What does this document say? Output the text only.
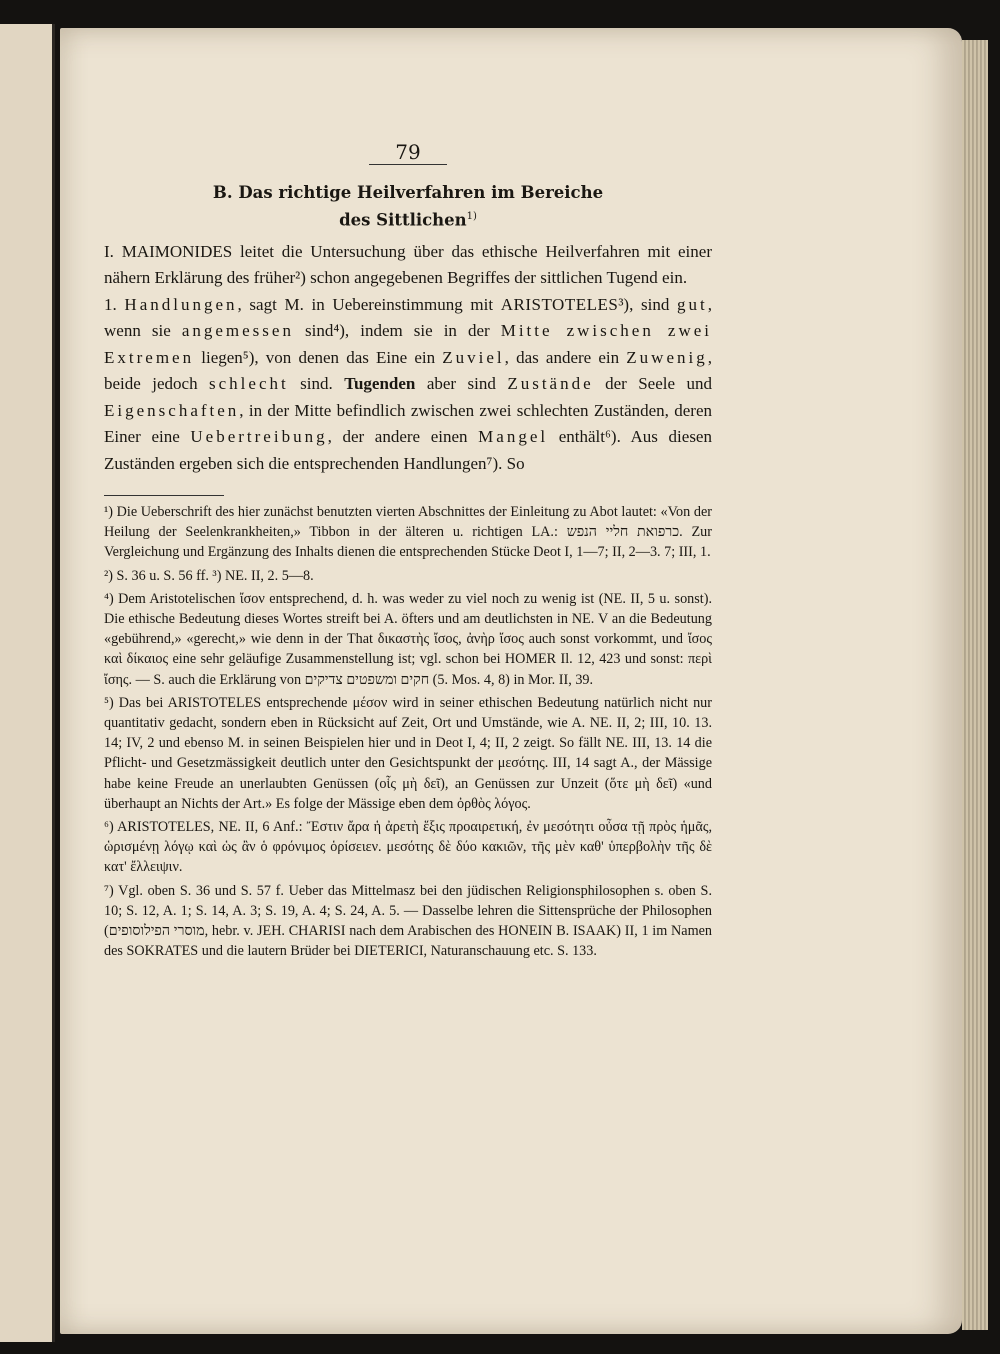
79
B. Das richtige Heilverfahren im Bereiche
des Sittlichen$^{1)}$

I. MAIMONIDES leitet die Untersuchung über das ethische Heilverfahren mit einer nähern Erklärung des früher²) schon angegebenen Begriffes der sittlichen Tugend ein.

1. Handlungen, sagt M. in Uebereinstimmung mit ARISTOTELES³), sind gut, wenn sie angemessen sind⁴), indem sie in der Mitte zwischen zwei Extremen liegen⁵), von denen das Eine ein Zuviel, das andere ein Zuwenig, beide jedoch schlecht sind. Tugenden aber sind Zustände der Seele und Eigenschaften, in der Mitte befindlich zwischen zwei schlechten Zuständen, deren Einer eine Uebertreibung, der andere einen Mangel enthält⁶). Aus diesen Zuständen ergeben sich die entsprechenden Handlungen⁷). So

¹) Die Ueberschrift des hier zunächst benutzten vierten Abschnittes der Einleitung zu Abot lautet: «Von der Heilung der Seelenkrankheiten,» Tibbon in der älteren u. richtigen LA.: כרפואת חליי הנפש. Zur Vergleichung und Ergänzung des Inhalts dienen die entsprechenden Stücke Deot I, 1—7; II, 2—3. 7; III, 1.

²) S. 36 u. S. 56 ff. ³) NE. II, 2. 5—8.

⁴) Dem Aristotelischen ἴσον entsprechend, d. h. was weder zu viel noch zu wenig ist (NE. II, 5 u. sonst). Die ethische Bedeutung dieses Wortes streift bei A. öfters und am deutlichsten in NE. V an die Bedeutung «gebührend,» «gerecht,» wie denn in der That δικαστὴς ἴσος, ἀνὴρ ἴσος auch sonst vorkommt, und ἴσος καὶ δίκαιος eine sehr geläufige Zusammenstellung ist; vgl. schon bei HOMER Il. 12, 423 und sonst: περὶ ἴσης. — S. auch die Erklärung von חקים ומשפטים צדיקים (5. Mos. 4, 8) in Mor. II, 39.

⁵) Das bei ARISTOTELES entsprechende μέσον wird in seiner ethischen Bedeutung natürlich nicht nur quantitativ gedacht, sondern eben in Rücksicht auf Zeit, Ort und Umstände, wie A. NE. II, 2; III, 10. 13. 14; IV, 2 und ebenso M. in seinen Beispielen hier und in Deot I, 4; II, 2 zeigt. So fällt NE. III, 13. 14 die Pflicht- und Gesetzmässigkeit deutlich unter den Gesichtspunkt der μεσότης. III, 14 sagt A., der Mässige habe keine Freude an unerlaubten Genüssen (οἷς μὴ δεῖ), an Genüssen zur Unzeit (ὅτε μὴ δεῖ) «und überhaupt an Nichts der Art.» Es folge der Mässige eben dem ὀρθὸς λόγος.

⁶) ARISTOTELES, NE. II, 6 Anf.: Ἔστιν ἄρα ἡ ἀρετὴ ἕξις προαιρετική, ἐν μεσότητι οὖσα τῇ πρὸς ἡμᾶς, ὡρισμένῃ λόγῳ καὶ ὡς ἂν ὁ φρόνιμος ὁρίσειεν. μεσότης δὲ δύο κακιῶν, τῆς μὲν καθ' ὑπερβολὴν τῆς δὲ κατ' ἔλλειψιν.

⁷) Vgl. oben S. 36 und S. 57 f. Ueber das Mittelmasz bei den jüdischen Religionsphilosophen s. oben S. 10; S. 12, A. 1; S. 14, A. 3; S. 19, A. 4; S. 24, A. 5. — Dasselbe lehren die Sittensprüche der Philosophen (מוסרי הפילוסופים, hebr. v. JEH. CHARISI nach dem Arabischen des HONEIN B. ISAAK) II, 1 im Namen des SOKRATES und die lautern Brüder bei DIETERICI, Naturanschauung etc. S. 133.
